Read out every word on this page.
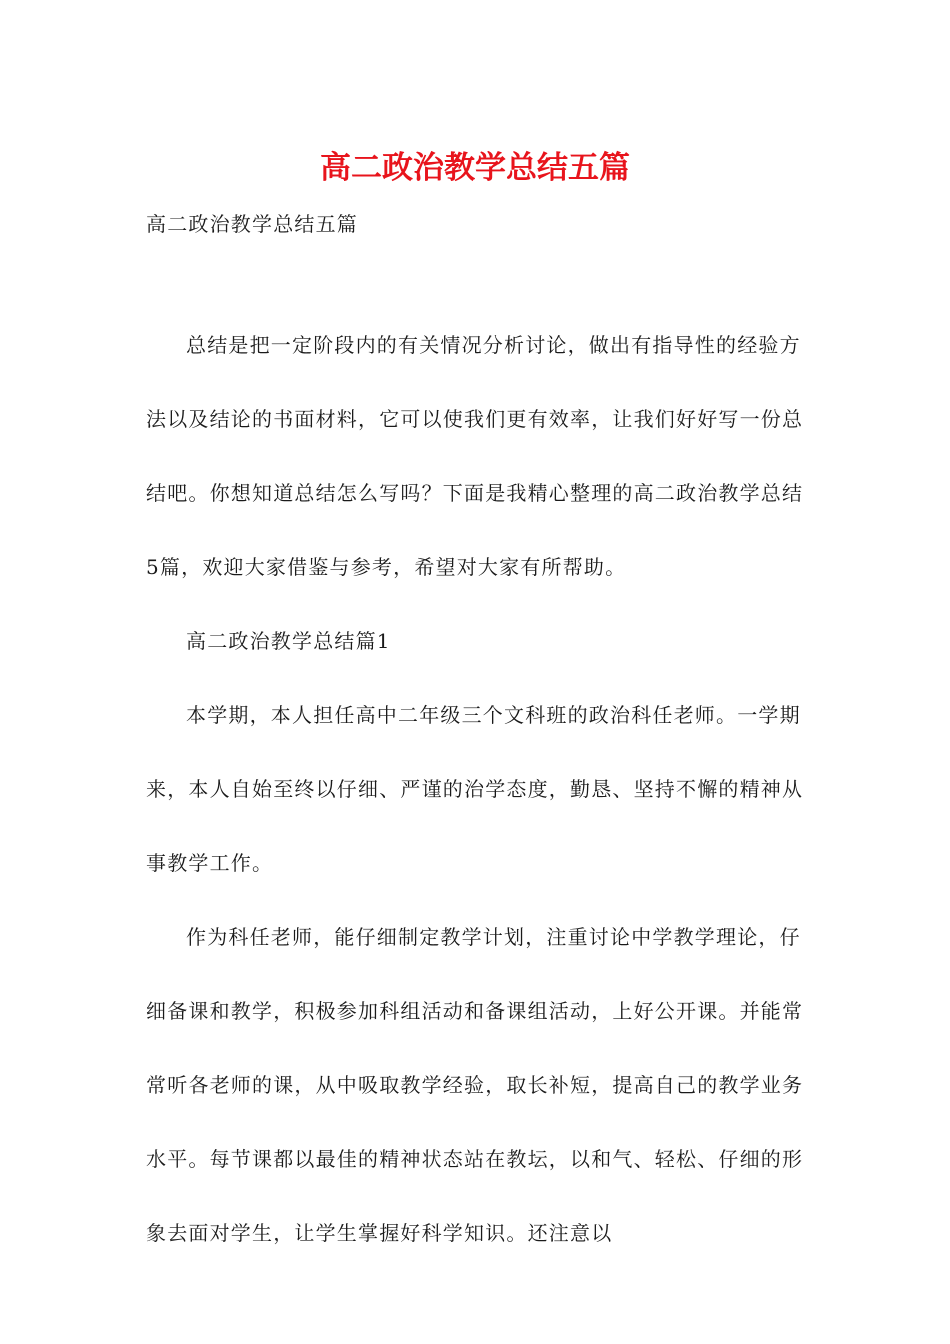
高二政治教学总结五篇

高二政治教学总结五篇

总结是把一定阶段内的有关情况分析讨论，做出有指导性的经验方法以及结论的书面材料，它可以使我们更有效率，让我们好好写一份总结吧。你想知道总结怎么写吗？下面是我精心整理的高二政治教学总结5篇，欢迎大家借鉴与参考，希望对大家有所帮助。

高二政治教学总结篇1

本学期，本人担任高中二年级三个文科班的政治科任老师。一学期来，本人自始至终以仔细、严谨的治学态度，勤恳、坚持不懈的精神从事教学工作。

作为科任老师，能仔细制定教学计划，注重讨论中学教学理论，仔细备课和教学，积极参加科组活动和备课组活动，上好公开课。并能常常听各老师的课，从中吸取教学经验，取长补短，提高自己的教学业务水平。每节课都以最佳的精神状态站在教坛，以和气、轻松、仔细的形象去面对学生，让学生掌握好科学知识。还注意以
